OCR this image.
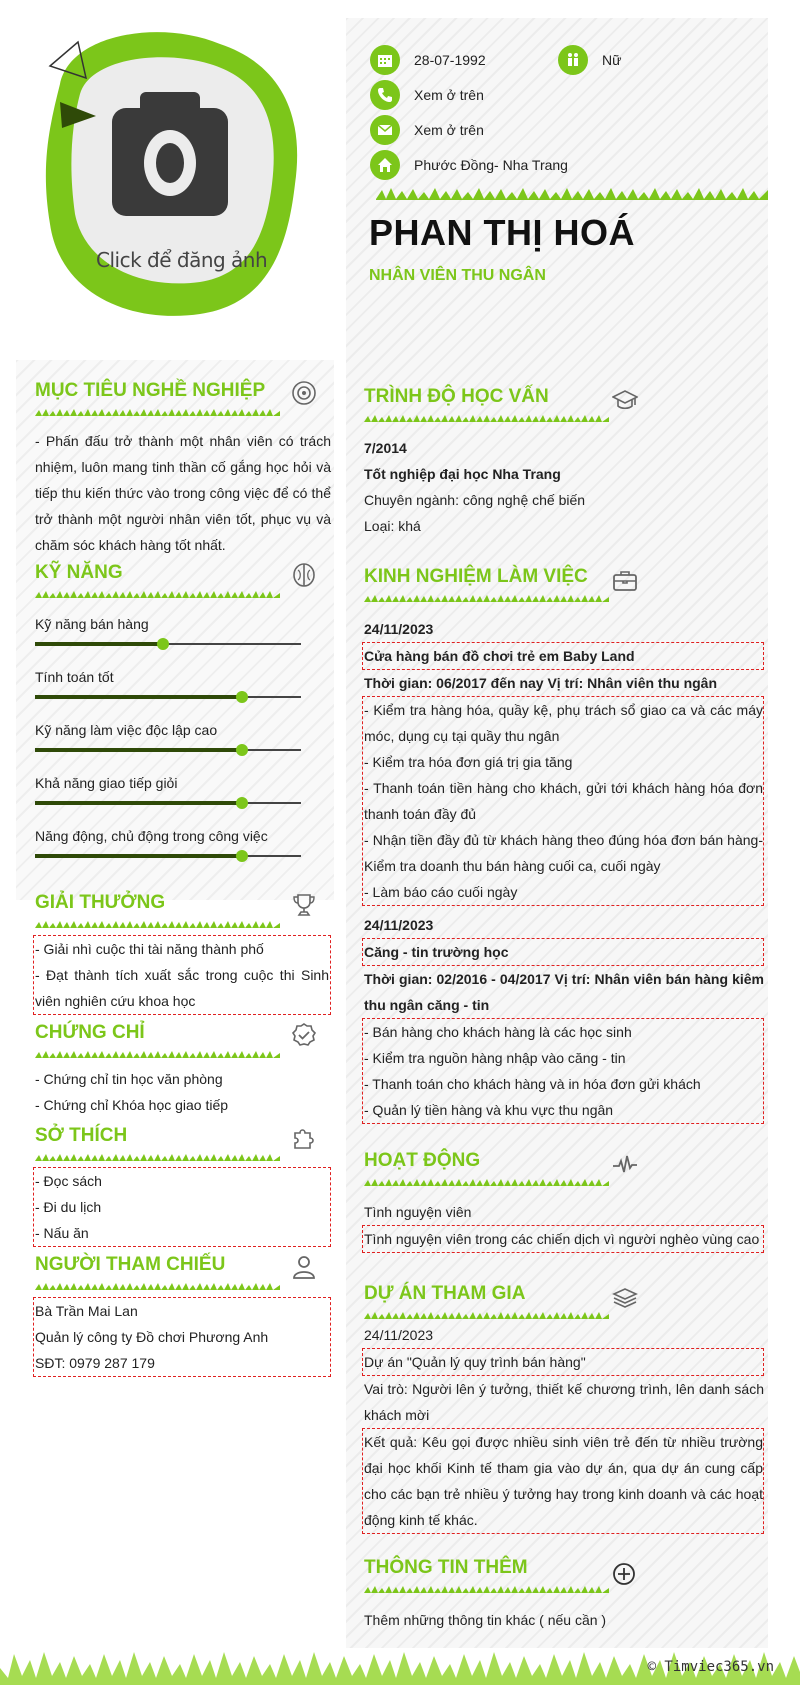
Click để đăng ảnh
28-07-1992	Nữ
Xem ở trên
Xem ở trên
Phước Đồng- Nha Trang
PHAN THỊ HOÁ
NHÂN VIÊN THU NGÂN
MỤC TIÊU NGHỀ NGHIỆP
- Phấn đấu trở thành một nhân viên có trách nhiệm, luôn mang tinh thần cố gắng học hỏi và tiếp thu kiến thức vào trong công việc để có thể trở thành một người nhân viên tốt, phục vụ và chăm sóc khách hàng tốt nhất.
KỸ NĂNG
Kỹ năng bán hàng
Tính toán tốt
Kỹ năng làm việc độc lập cao
Khả năng giao tiếp giỏi
Năng động, chủ động trong công việc
GIẢI THƯỞNG
- Giải nhì cuộc thi tài năng thành phố
- Đạt thành tích xuất sắc trong cuộc thi Sinh viên nghiên cứu khoa học
CHỨNG CHỈ
- Chứng chỉ tin học văn phòng
- Chứng chỉ Khóa học giao tiếp
SỞ THÍCH
- Đọc sách
- Đi du lịch
- Nấu ăn
NGƯỜI THAM CHIẾU
Bà Trần Mai Lan
Quản lý công ty Đồ chơi Phương Anh
SĐT: 0979 287 179
TRÌNH ĐỘ HỌC VẤN
7/2014
Tốt nghiệp đại học Nha Trang
Chuyên ngành: công nghệ chế biến
Loại: khá
KINH NGHIỆM LÀM VIỆC
24/11/2023
Cửa hàng bán đồ chơi trẻ em Baby Land
Thời gian: 06/2017 đến nay Vị trí: Nhân viên thu ngân
- Kiểm tra hàng hóa, quầy kệ, phụ trách sổ giao ca và các máy móc, dụng cụ tại quầy thu ngân
- Kiểm tra hóa đơn giá trị gia tăng
- Thanh toán tiền hàng cho khách, gửi tới khách hàng hóa đơn thanh toán đầy đủ
- Nhận tiền đầy đủ từ khách hàng theo đúng hóa đơn bán hàng- Kiểm tra doanh thu bán hàng cuối ca, cuối ngày
- Làm báo cáo cuối ngày
24/11/2023
Căng - tin trường học
Thời gian: 02/2016 - 04/2017 Vị trí: Nhân viên bán hàng kiêm thu ngân căng - tin
- Bán hàng cho khách hàng là các học sinh
- Kiểm tra nguồn hàng nhập vào căng - tin
- Thanh toán cho khách hàng và in hóa đơn gửi khách
- Quản lý tiền hàng và khu vực thu ngân
HOẠT ĐỘNG
Tình nguyện viên
Tình nguyện viên trong các chiến dịch vì người nghèo vùng cao
DỰ ÁN THAM GIA
24/11/2023
Dự án "Quản lý quy trình bán hàng"
Vai trò: Người lên ý tưởng, thiết kế chương trình, lên danh sách khách mời
Kết quả: Kêu gọi được nhiều sinh viên trẻ đến từ nhiều trường đại học khối Kinh tế tham gia vào dự án, qua dự án cung cấp cho các bạn trẻ nhiều ý tưởng hay trong kinh doanh và các hoạt động kinh tế khác.
THÔNG TIN THÊM
Thêm những thông tin khác ( nếu cần )
© Timviec365.vn
